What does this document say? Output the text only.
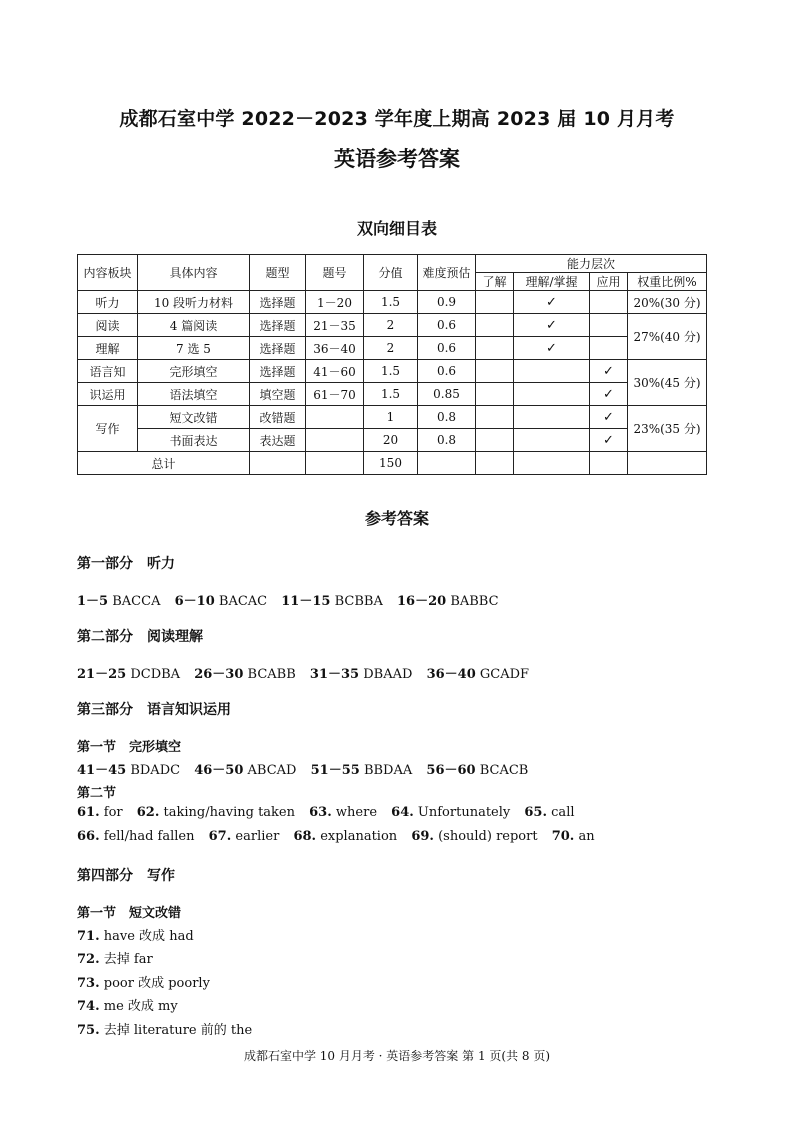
成都石室中学 2022－2023 学年度上期高 2023 届 10 月月考
英语参考答案
双向细目表
内容板块	具体内容	题型	题号	分值	难度预估	能力层次			
						了解	理解/掌握	应用	权重比例%
听力	10 段听力材料	选择题	1－20	1.5	0.9		✓		20%(30 分)
阅读	4 篇阅读	选择题	21－35	2	0.6		✓		27%(40 分)
理解	7 选 5	选择题	36－40	2	0.6		✓		
语言知	完形填空	选择题	41－60	1.5	0.6			✓	30%(45 分)
识运用	语法填空	填空题	61－70	1.5	0.85			✓	
写作	短文改错	改错题		1	0.8			✓	23%(35 分)
	书面表达	表达题		20	0.8			✓	
总计				150					
参考答案
第一部分　听力
1－5 BACCA 6－10 BACAC 11－15 BCBBA 16－20 BABBC
第二部分　阅读理解
21－25 DCDBA 26－30 BCABB 31－35 DBAAD 36－40 GCADF
第三部分　语言知识运用
第一节　完形填空
41－45 BDADC 46－50 ABCAD 51－55 BBDAA 56－60 BCACB
第二节
61. for 62. taking/having taken 63. where 64. Unfortunately 65. call
66. fell/had fallen 67. earlier 68. explanation 69. (should) report 70. an
第四部分　写作
第一节　短文改错
71. have 改成 had
72. 去掉 far
73. poor 改成 poorly
74. me 改成 my
75. 去掉 literature 前的 the
成都石室中学 10 月月考 · 英语参考答案 第 1 页(共 8 页)
